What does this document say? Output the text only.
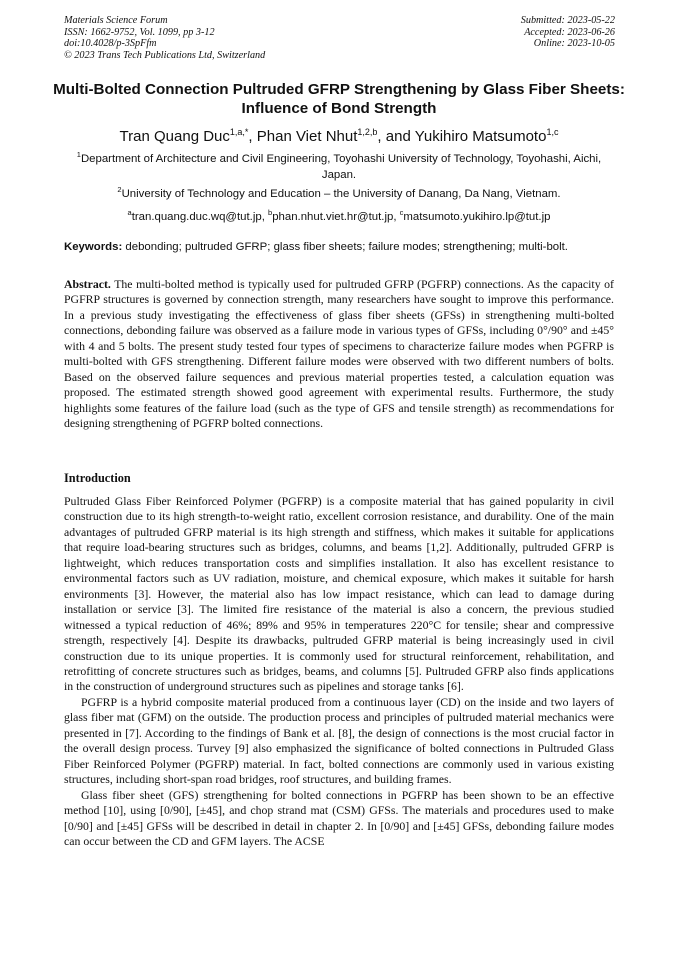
Materials Science Forum
ISSN: 1662-9752, Vol. 1099, pp 3-12
doi:10.4028/p-3SpFfm
© 2023 Trans Tech Publications Ltd, Switzerland
Submitted: 2023-05-22
Accepted: 2023-06-26
Online: 2023-10-05
Multi-Bolted Connection Pultruded GFRP Strengthening by Glass Fiber Sheets: Influence of Bond Strength
Tran Quang Duc$^{1,a,*}$, Phan Viet Nhut$^{1,2,b}$, and Yukihiro Matsumoto$^{1,c}$
$^1$Department of Architecture and Civil Engineering, Toyohashi University of Technology, Toyohashi, Aichi, Japan.
$^2$University of Technology and Education – the University of Danang, Da Nang, Vietnam.
$^a$tran.quang.duc.wq@tut.jp, $^b$phan.nhut.viet.hr@tut.jp, $^c$matsumoto.yukihiro.lp@tut.jp
Keywords: debonding; pultruded GFRP; glass fiber sheets; failure modes; strengthening; multi-bolt.

Abstract. The multi-bolted method is typically used for pultruded GFRP (PGFRP) connections. As the capacity of PGFRP structures is governed by connection strength, many researchers have sought to improve this performance. In a previous study investigating the effectiveness of glass fiber sheets (GFSs) in strengthening multi-bolted connections, debonding failure was observed as a failure mode in various types of GFSs, including 0°/90° and ±45° with 4 and 5 bolts. The present study tested four types of specimens to characterize failure modes when PGFRP is multi-bolted with GFS strengthening. Different failure modes were observed with two different numbers of bolts. Based on the observed failure sequences and previous material properties tested, a calculation equation was proposed. The estimated strength showed good agreement with experimental results. Furthermore, the study highlights some features of the failure load (such as the type of GFS and tensile strength) as recommendations for designing strengthening of PGFRP bolted connections.

Introduction

Pultruded Glass Fiber Reinforced Polymer (PGFRP) is a composite material that has gained popularity in civil construction due to its high strength-to-weight ratio, excellent corrosion resistance, and durability. One of the main advantages of pultruded GFRP material is its high strength and stiffness, which makes it suitable for applications that require load-bearing structures such as bridges, columns, and beams [1,2]. Additionally, pultruded GFRP is lightweight, which reduces transportation costs and simplifies installation. It also has excellent resistance to environmental factors such as UV radiation, moisture, and chemical exposure, which makes it suitable for harsh environments [3]. However, the material also has low impact resistance, which can lead to damage during installation or service [3]. The limited fire resistance of the material is also a concern, the previous studied witnessed a typical reduction of 46%; 89% and 95% in temperatures 220°C for tensile; shear and compressive strength, respectively [4]. Despite its drawbacks, pultruded GFRP material is being increasingly used in civil construction due to its unique properties. It is commonly used for structural reinforcement, rehabilitation, and retrofitting of concrete structures such as bridges, beams, and columns [5]. Pultruded GFRP also finds applications in the construction of underground structures such as pipelines and storage tanks [6].

PGFRP is a hybrid composite material produced from a continuous layer (CD) on the inside and two layers of glass fiber mat (GFM) on the outside. The production process and principles of pultruded material mechanics were presented in [7]. According to the findings of Bank et al. [8], the design of connections is the most crucial factor in the overall design process. Turvey [9] also emphasized the significance of bolted connections in Pultruded Glass Fiber Reinforced Polymer (PGFRP) material. In fact, bolted connections are commonly used in various existing structures, including short-span road bridges, roof structures, and building frames.

Glass fiber sheet (GFS) strengthening for bolted connections in PGFRP has been shown to be an effective method [10], using [0/90], [±45], and chop strand mat (CSM) GFSs. The materials and procedures used to make [0/90] and [±45] GFSs will be described in detail in chapter 2. In [0/90] and [±45] GFSs, debonding failure modes can occur between the CD and GFM layers. The ACSE
